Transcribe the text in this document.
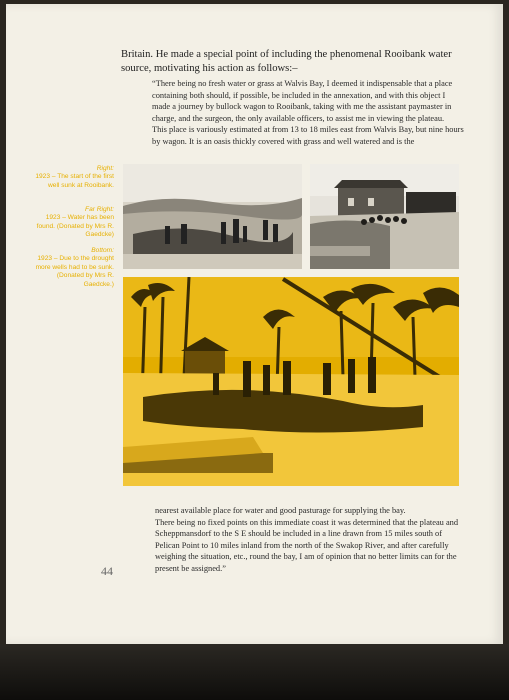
Britain. He made a special point of including the phenomenal Rooibank water source, motivating his action as follows:–

“There being no fresh water or grass at Walvis Bay, I deemed it indispensable that a place containing both should, if possible, be included in the annexation, and with this object I made a journey by bullock wagon to Rooibank, taking with me the assistant paymaster in charge, and the surgeon, the only available officers, to assist me in viewing the plateau.

This place is variously estimated at from 13 to 18 miles east from Walvis Bay, but nine hours by wagon. It is an oasis thickly covered with grass and well watered and is the

Right:
1923 – The start of the first well sunk at Rooibank.
Far Right:
1923 – Water has been found. (Donated by Mrs R. Gaedcke)
Bottom:
1923 – Due to the drought more wells had to be sunk. (Donated by Mrs R. Gaedcke.)

nearest available place for water and good pasturage for supplying the bay.

There being no fixed points on this immediate coast it was determined that the plateau and Scheppmansdorf to the S E should be included in a line drawn from 15 miles south of Pelican Point to 10 miles inland from the north of the Swakop River, and after carefully weighing the situation, etc., round the bay, I am of opinion that no better limits can for the present be assigned.”

44
